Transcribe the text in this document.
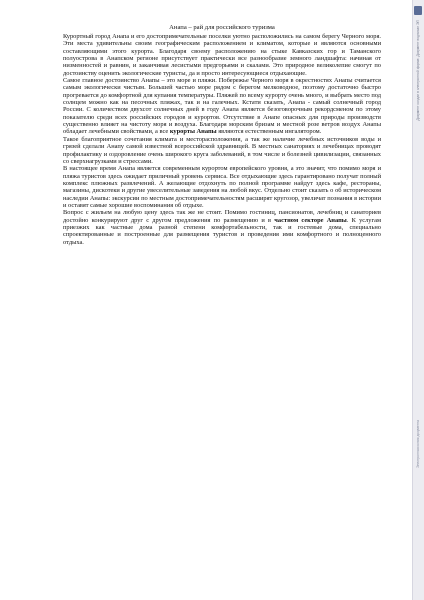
Анапа – рай для российского туризма

Курортный город Анапа и его достопримечательные поселки уютно расположились на самом берегу Черного моря. Эти места удивительны своим географическим расположением и климатом, которые и являются основными составляющими этого курорта. Благодаря своему расположению на стыке Кавказских гор и Таманского полуострова в Анапском регионе присутствует практически все разнообразие земного ландшафта: начиная от низменностей и равнин, и заканчивая лесистыми предгорьями и скалами. Это природное великолепие смогут по достоинству оценить экологические туристы, да и просто интересующиеся отдыхающие.

Самое главное достоинство Анапы – это море и пляжи. Побережье Черного моря в окрестностях Анапы считается самым экологически чистым. Большей частью море рядом с берегом мелководное, поэтому достаточно быстро прогревается до комфортной для купания температуры. Пляжей по всему курорту очень много, и выбрать место под солнцем можно как на песочных пляжах, так и на галечных. Кстати сказать, Анапа - самый солнечный город России. С количеством двухсот солнечных дней в году Анапа является безоговорочным рекордсменом по этому показателю среди всех российских городов и курортов. Отсутствие в Анапе опасных для природы производств существенно влияет на чистоту моря и воздуха. Благодаря морским бризам и местной розе ветров воздух Анапы обладает лечебными свойствами, а все курорты Анапы являются естественным ингалятором.

Такое благоприятное сочетания климата и месторасположения, а так же наличие лечебных источников воды и грязей сделали Анапу самой известной всероссийской здравницей. В местных санаториях и лечебницах проводят профилактику и оздоровление очень широкого круга заболеваний, в том числе и болезней цивилизации, связанных со сверхнагрузками и стрессами.

В настоящее время Анапа является современным курортом европейского уровня, а это значит, что помимо моря и пляжа туристов здесь ожидает приличный уровень сервиса. Все отдыхающие здесь гарантировано получат полный комплекс плюжных развлечений. А желающие отдохнуть по полной программе найдут здесь кафе, рестораны, магазины, дискотеки и другие увеселительные заведения на любой вкус. Отдельно стоит сказать о об историческом наследии Анапы: экскурсии по местным достопримечательностям расширят кругозор, увеличат познания в истории и оставят самые хорошие воспоминания об отдыхе.

Вопрос с жильем на любую цену здесь так же не стоит. Помимо гостиниц, пансионатов, лечебниц и санаториев достойно конкурируют друг с другом предложения по размещению и в частном секторе Анапы. К услугам приезжих как частные дома разной степени комфортабельности, так и гостевые дома, специально спроектированные и построенные для размещения туристов и проведения ими комфортного и полноценного отдыха.

Документ создан в электронной форме. Документ подписан ЭП
Электронная копия документа
